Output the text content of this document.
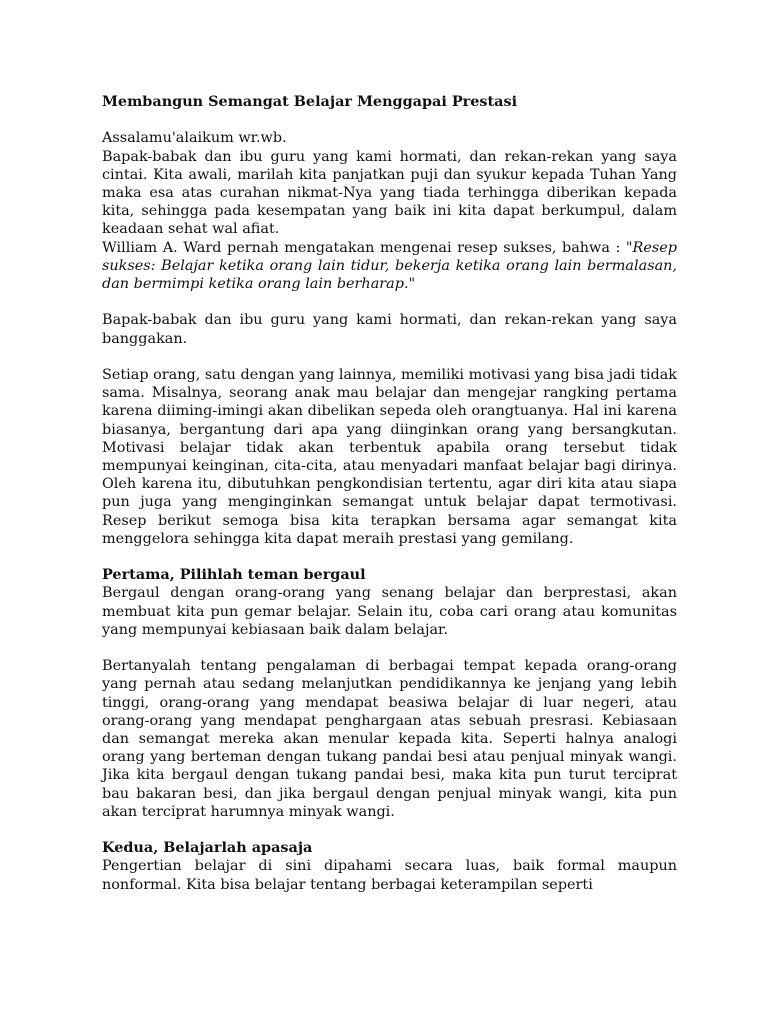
Membangun Semangat Belajar Menggapai Prestasi

Assalamu'alaikum wr.wb.

Bapak-babak dan ibu guru yang kami hormati, dan rekan-rekan yang saya cintai. Kita awali, marilah kita panjatkan puji dan syukur kepada Tuhan Yang maka esa atas curahan nikmat-Nya yang tiada terhingga diberikan kepada kita, sehingga pada kesempatan yang baik ini kita dapat berkumpul, dalam keadaan sehat wal afiat.

William A. Ward pernah mengatakan mengenai resep sukses, bahwa : "Resep sukses: Belajar ketika orang lain tidur, bekerja ketika orang lain bermalasan, dan bermimpi ketika orang lain berharap."

Bapak-babak dan ibu guru yang kami hormati, dan rekan-rekan yang saya banggakan.

Setiap orang, satu dengan yang lainnya, memiliki motivasi yang bisa jadi tidak sama. Misalnya, seorang anak mau belajar dan mengejar rangking pertama karena diiming-imingi akan dibelikan sepeda oleh orangtuanya. Hal ini karena biasanya, bergantung dari apa yang diinginkan orang yang bersangkutan. Motivasi belajar tidak akan terbentuk apabila orang tersebut tidak mempunyai keinginan, cita-cita, atau menyadari manfaat belajar bagi dirinya. Oleh karena itu, dibutuhkan pengkondisian tertentu, agar diri kita atau siapa pun juga yang menginginkan semangat untuk belajar dapat termotivasi. Resep berikut semoga bisa kita terapkan bersama agar semangat kita menggelora sehingga kita dapat meraih prestasi yang gemilang.

Pertama, Pilihlah teman bergaul

Bergaul dengan orang-orang yang senang belajar dan berprestasi, akan membuat kita pun gemar belajar. Selain itu, coba cari orang atau komunitas yang mempunyai kebiasaan baik dalam belajar.

Bertanyalah tentang pengalaman di berbagai tempat kepada orang-orang yang pernah atau sedang melanjutkan pendidikannya ke jenjang yang lebih tinggi, orang-orang yang mendapat beasiwa belajar di luar negeri, atau orang-orang yang mendapat penghargaan atas sebuah presrasi. Kebiasaan dan semangat mereka akan menular kepada kita. Seperti halnya analogi orang yang berteman dengan tukang pandai besi atau penjual minyak wangi. Jika kita bergaul dengan tukang pandai besi, maka kita pun turut terciprat bau bakaran besi, dan jika bergaul dengan penjual minyak wangi, kita pun akan terciprat harumnya minyak wangi.

Kedua, Belajarlah apasaja

Pengertian belajar di sini dipahami secara luas, baik formal maupun nonformal. Kita bisa belajar tentang berbagai keterampilan seperti
